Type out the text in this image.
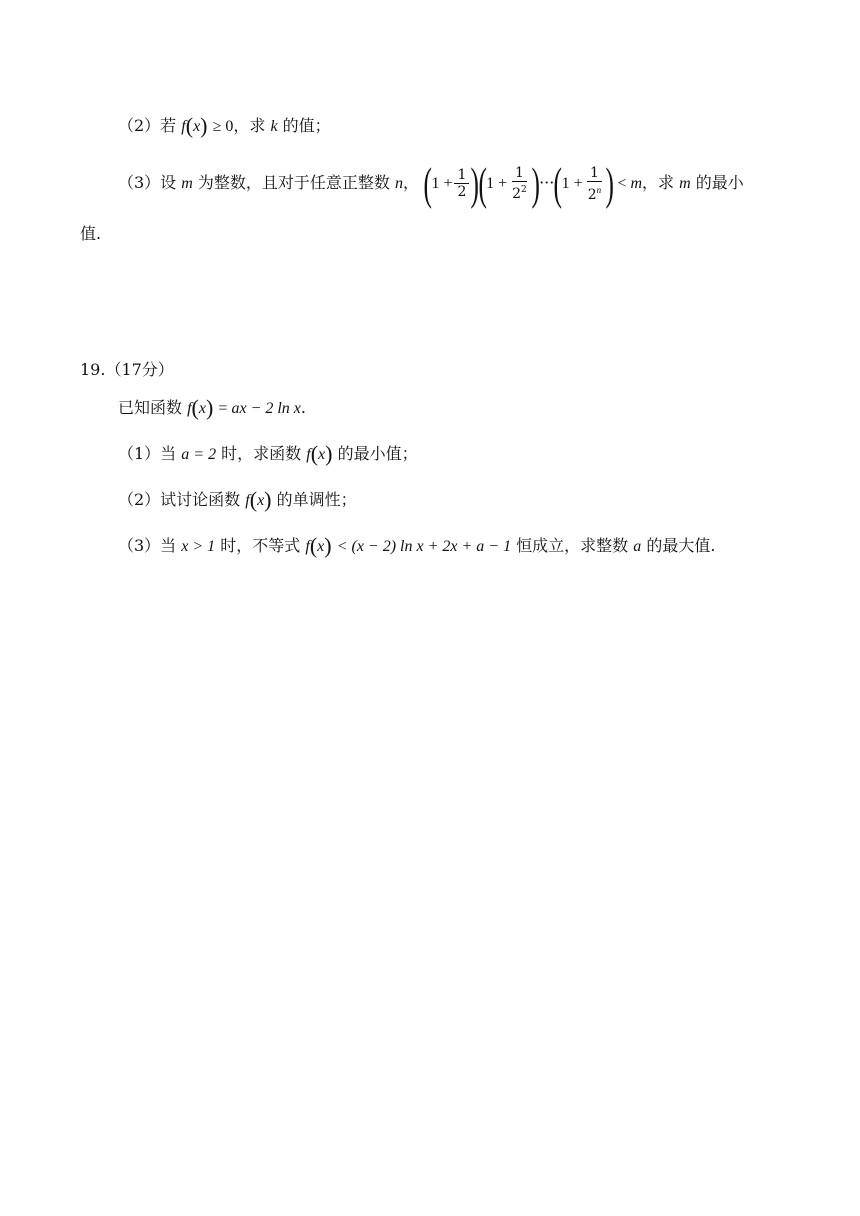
（2）若 f(x) ≥ 0，求 k 的值；
（3）设 m 为整数，且对于任意正整数 n， $(1 + \frac{1}{2} )(1 + \frac{1}{2^2} )\cdot\cdot\cdot(1 + \frac{1}{2^n}$ ) < m，求 m 的最小
值.
19.（17分）
已知函数 f(x) = ax − 2 ln x.
（1）当 a = 2 时，求函数 f(x) 的最小值；
（2）试讨论函数 f(x) 的单调性；
（3）当 x > 1 时，不等式 f(x) < (x − 2) ln x + 2x + a − 1 恒成立，求整数 a 的最大值.
